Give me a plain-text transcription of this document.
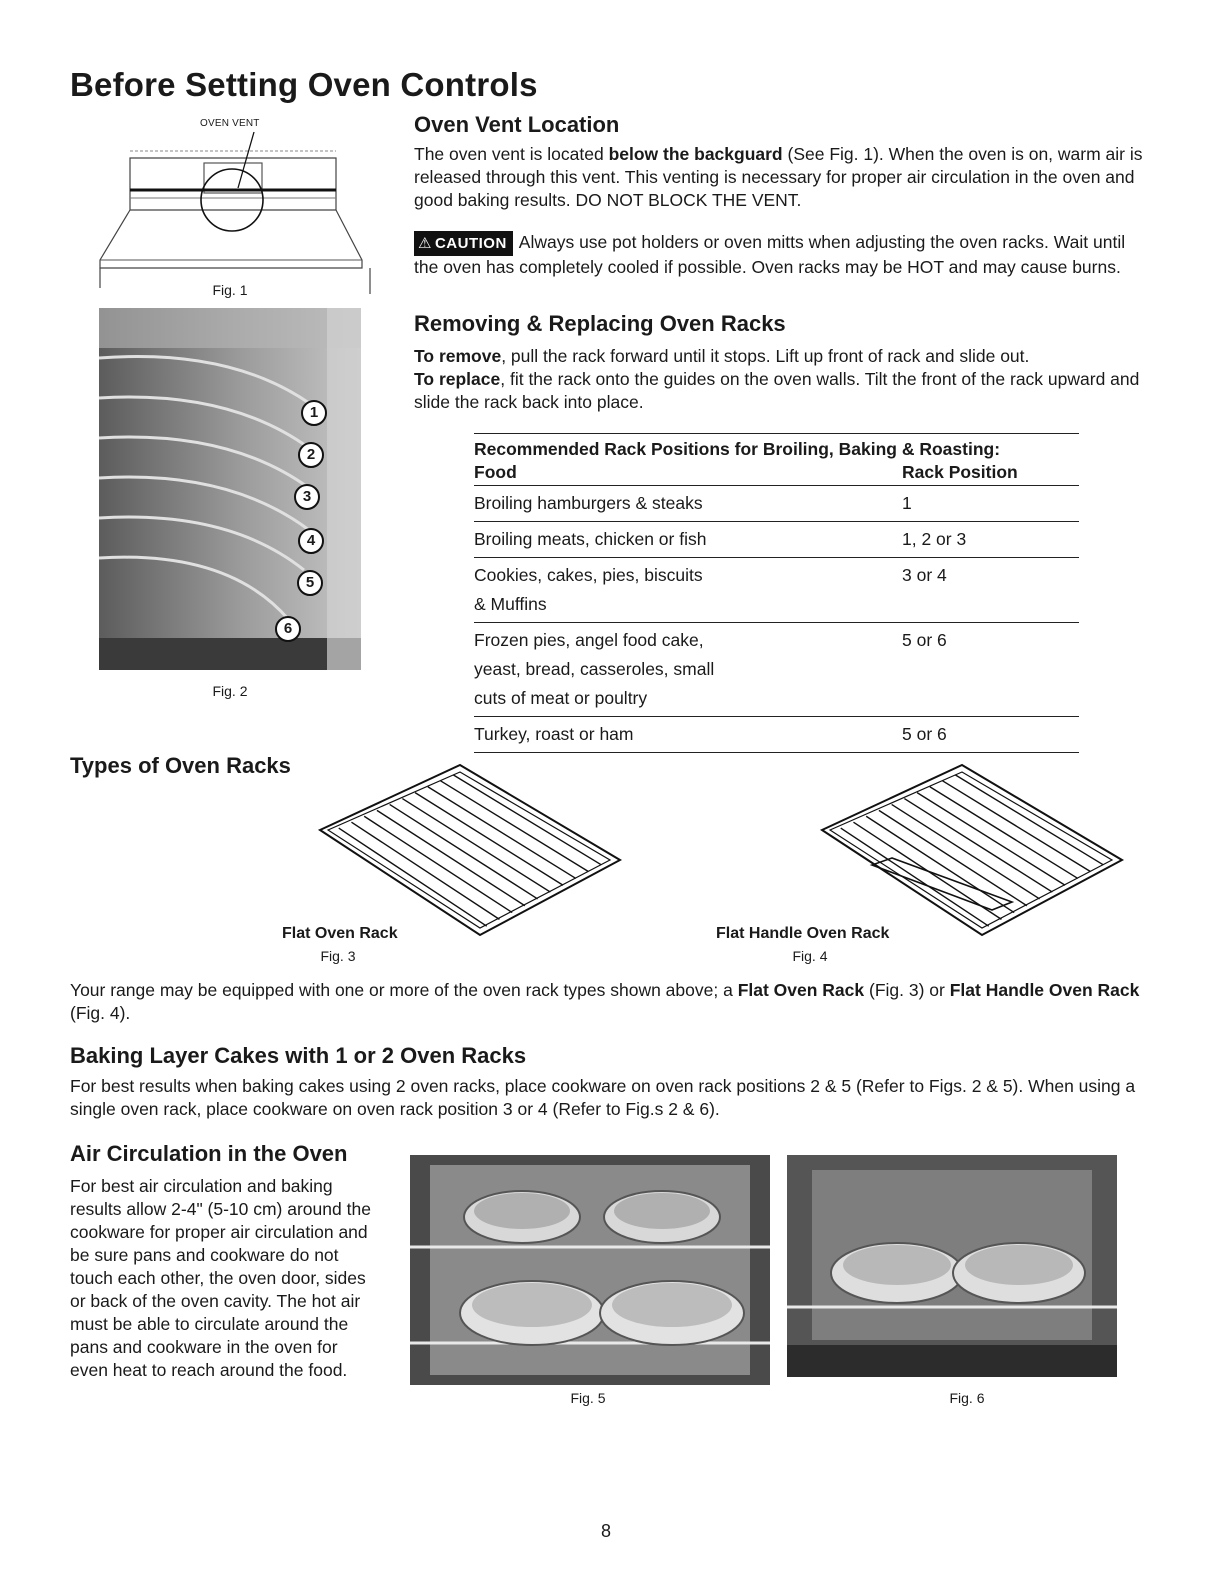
Before Setting Oven Controls
OVEN VENT
Fig. 1
1
2
3
4
5
6
Fig. 2
Oven Vent Location
The oven vent is located below the backguard (See Fig. 1). When the oven is on, warm air is released through this vent. This venting is necessary for proper air circulation in the oven and good baking results. DO NOT BLOCK THE VENT.
⚠ CAUTION Always use pot holders or oven mitts when adjusting the oven racks. Wait until the oven has completely cooled if possible. Oven racks may be HOT and may cause burns.
Removing & Replacing Oven Racks
To remove, pull the rack forward until it stops. Lift up front of rack and slide out.
To replace, fit the rack onto the guides on the oven walls. Tilt the front of the rack upward and slide the rack back into place.
Recommended Rack Positions for Broiling, Baking & Roasting:
Food	Rack Position
Broiling hamburgers & steaks	1
Broiling meats, chicken or fish	1, 2 or 3
Cookies, cakes, pies, biscuits
& Muffins	3 or 4
Frozen pies, angel food cake,
yeast, bread, casseroles, small
cuts of meat or poultry	5 or 6
Turkey, roast or ham	5 or 6
Types of Oven Racks
Flat Oven Rack
Fig. 3
Flat Handle Oven Rack
Fig. 4
Your range may be equipped with one or more of the oven rack types shown above; a Flat Oven Rack (Fig. 3) or Flat Handle Oven Rack (Fig. 4).
Baking Layer Cakes with 1 or 2 Oven Racks
For best results when baking cakes using 2 oven racks, place cookware on oven rack positions 2 & 5 (Refer to Figs. 2 & 5). When using a single oven rack, place cookware on oven rack position 3 or 4 (Refer to Fig.s 2 & 6).
Air Circulation in the Oven
For best air circulation and baking results allow 2-4" (5-10 cm) around the cookware for proper air circulation and be sure pans and cookware do not touch each other, the oven door, sides or back of the oven cavity. The hot air must be able to circulate around the pans and cookware in the oven for even heat to reach around the food.
Fig. 5	Fig. 6
8
